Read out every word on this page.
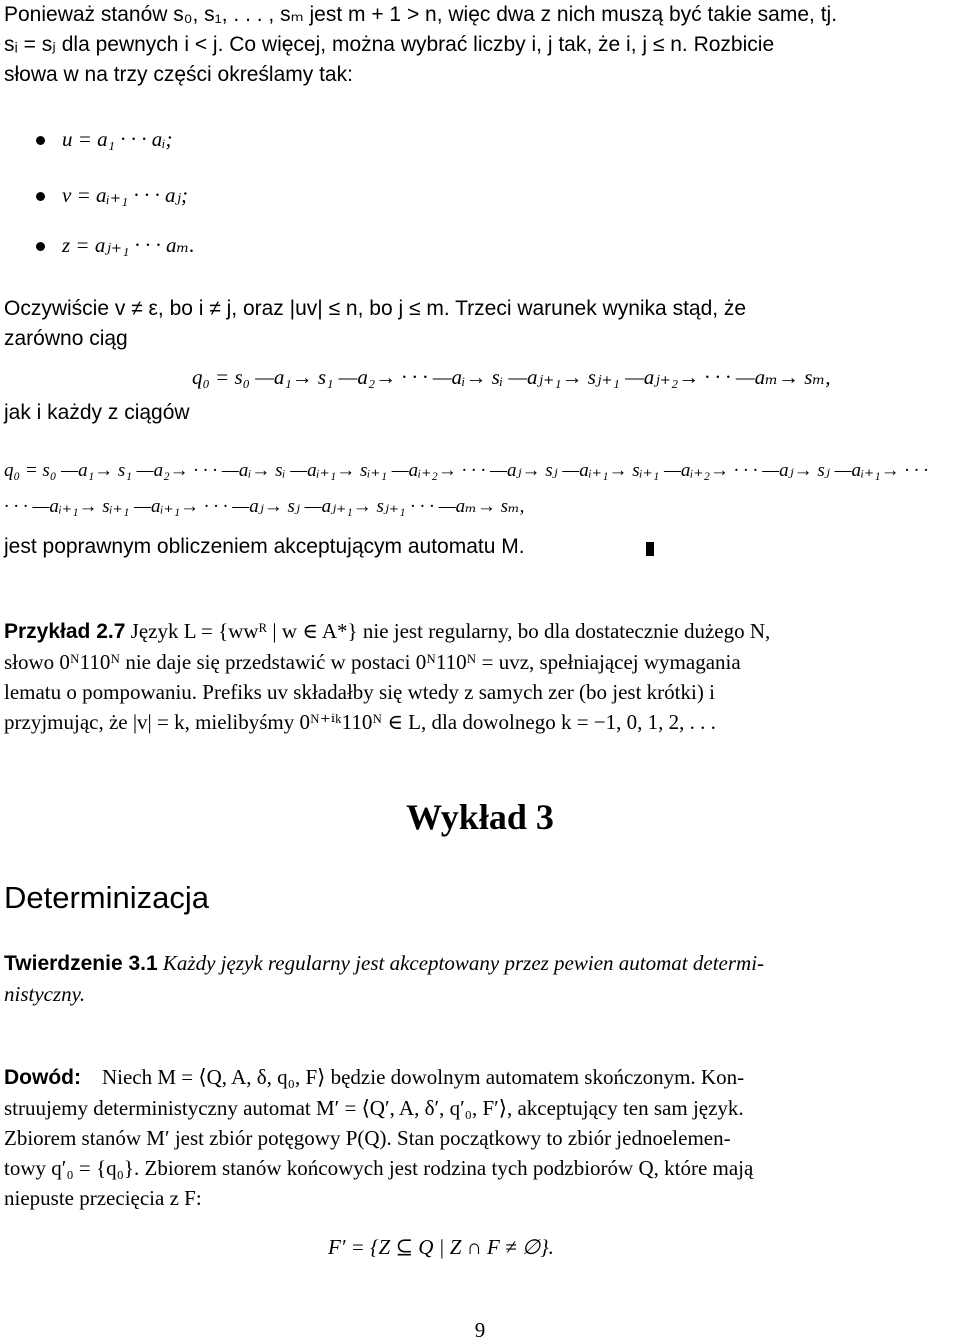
Ponieważ stanów s₀, s₁, . . . , sₘ jest m + 1 > n, więc dwa z nich muszą być takie same, tj.
sᵢ = sⱼ dla pewnych i < j. Co więcej, można wybrać liczby i, j tak, że i, j ≤ n. Rozbicie
słowa w na trzy części określamy tak:
u = a₁ · · · aᵢ;
v = aᵢ₊₁ · · · aⱼ;
z = aⱼ₊₁ · · · aₘ.
Oczywiście v ≠ ε, bo i ≠ j, oraz |uv| ≤ n, bo j ≤ m. Trzeci warunek wynika stąd, że
zarówno ciąg
q₀ = s₀ —a₁→ s₁ —a₂→ · · · —aᵢ→ sᵢ —aⱼ₊₁→ sⱼ₊₁ —aⱼ₊₂→ · · · —aₘ→ sₘ,
jak i każdy z ciągów
q₀ = s₀ —a₁→ s₁ —a₂→ · · · —aᵢ→ sᵢ —aᵢ₊₁→ sᵢ₊₁ —aᵢ₊₂→ · · · —aⱼ→ sⱼ —aᵢ₊₁→ sᵢ₊₁ —aᵢ₊₂→ · · · —aⱼ→ sⱼ —aᵢ₊₁→ · · ·
· · · —aᵢ₊₁→ sᵢ₊₁ —aᵢ₊₁→ · · · —aⱼ→ sⱼ —aⱼ₊₁→ sⱼ₊₁ · · · —aₘ→ sₘ,
jest poprawnym obliczeniem akceptującym automatu M.
Przykład 2.7 Język L = {wwᴿ | w ∈ A*} nie jest regularny, bo dla dostatecznie dużego N,
słowo 0ᴺ110ᴺ nie daje się przedstawić w postaci 0ᴺ110ᴺ = uvz, spełniającej wymagania
lematu o pompowaniu. Prefiks uv składałby się wtedy z samych zer (bo jest krótki) i
przyjmując, że |v| = k, mielibyśmy 0ᴺ⁺ⁱᵏ110ᴺ ∈ L, dla dowolnego k = −1, 0, 1, 2, . . .
Wykład 3
Determinizacja
Twierdzenie 3.1 Każdy język regularny jest akceptowany przez pewien automat determi-
nistyczny.
Dowód: Niech M = ⟨Q, A, δ, q₀, F⟩ będzie dowolnym automatem skończonym. Kon-
struujemy deterministyczny automat M′ = ⟨Q′, A, δ′, q′₀, F′⟩, akceptujący ten sam język.
Zbiorem stanów M′ jest zbiór potęgowy P(Q). Stan początkowy to zbiór jednoelemen-
towy q′₀ = {q₀}. Zbiorem stanów końcowych jest rodzina tych podzbiorów Q, które mają
niepuste przecięcia z F:
F′ = {Z ⊆ Q | Z ∩ F ≠ ∅}.
9
